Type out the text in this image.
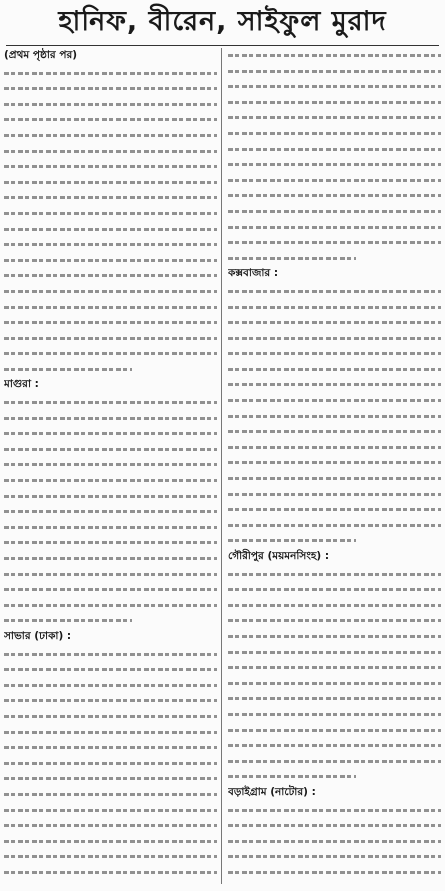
হানিফ, বীরেন, সাইফুল মুরাদ

(প্রথম পৃষ্ঠার পর)

মাগুরা :

সাভার (ঢাকা) :

কক্সবাজার :

গৌরীপুর (ময়মনসিংহ) :

বড়াইগ্রাম (নাটোর) :
